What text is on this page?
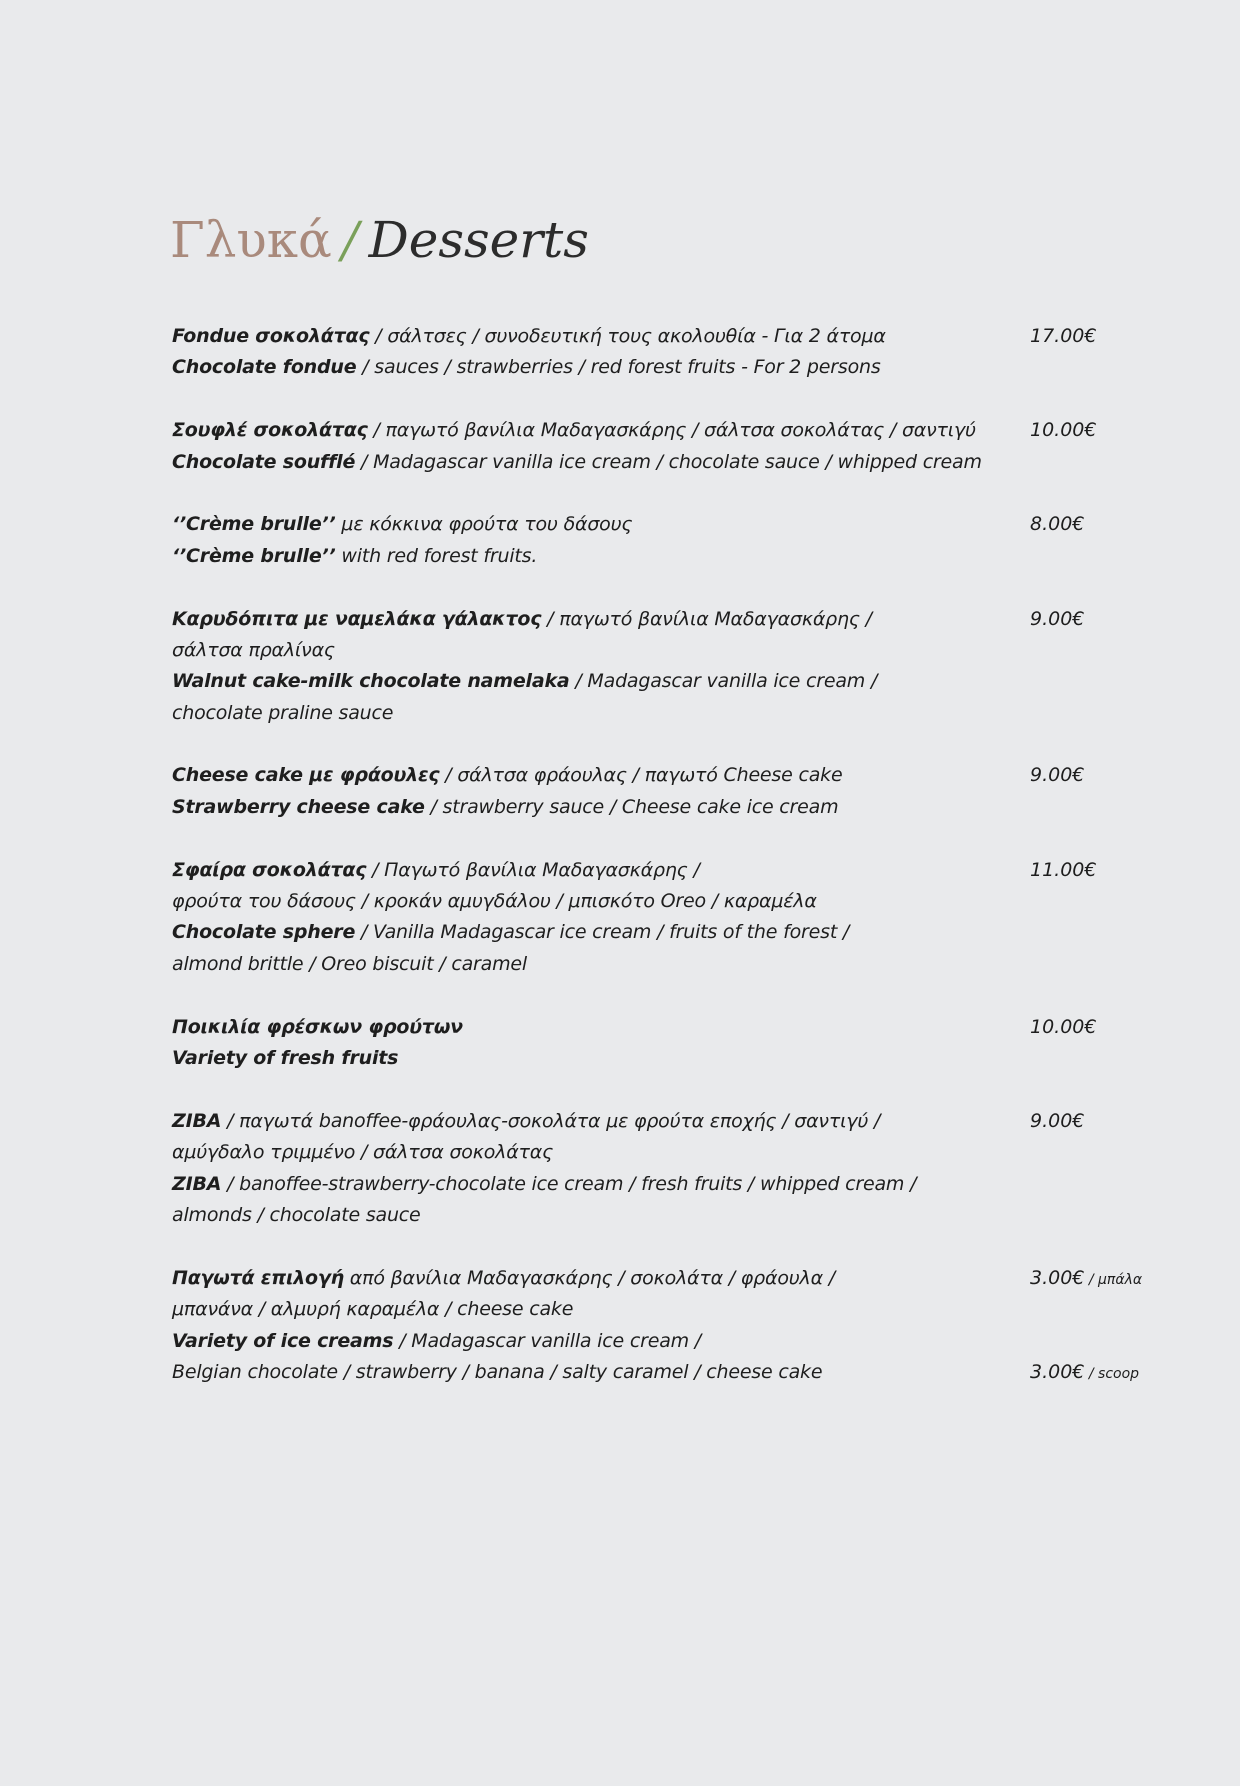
Γλυκά / Desserts
Fondue σοκολάτας / σάλτσες / συνοδευτική τους ακολουθία - Για 2 άτομα
Chocolate fondue / sauces / strawberries / red forest fruits - For 2 persons
17.00€
Σουφλέ σοκολάτας / παγωτό βανίλια Μαδαγασκάρης / σάλτσα σοκολάτας / σαντιγύ
Chocolate soufflé / Madagascar vanilla ice cream / chocolate sauce / whipped cream
10.00€
‘’Crème brulle’’ με κόκκινα φρούτα του δάσους
‘’Crème brulle’’ with red forest fruits.
8.00€
Καρυδόπιτα με ναμελάκα γάλακτος / παγωτό βανίλια Μαδαγασκάρης /
σάλτσα πραλίνας
Walnut cake-milk chocolate namelaka / Madagascar vanilla ice cream /
chocolate praline sauce
9.00€
Cheese cake με φράουλες / σάλτσα φράουλας / παγωτό Cheese cake
Strawberry cheese cake / strawberry sauce / Cheese cake ice cream
9.00€
Σφαίρα σοκολάτας / Παγωτό βανίλια Μαδαγασκάρης /
φρούτα του δάσους / κροκάν αμυγδάλου / μπισκότο Oreo / καραμέλα
Chocolate sphere / Vanilla Madagascar ice cream / fruits of the forest /
almond brittle / Oreo biscuit / caramel
11.00€
Ποικιλία φρέσκων φρούτων
Variety of fresh fruits
10.00€
ZIBA / παγωτά banoffee-φράουλας-σοκολάτα με φρούτα εποχής / σαντιγύ /
αμύγδαλο τριμμένο / σάλτσα σοκολάτας
ZIBA / banoffee-strawberry-chocolate ice cream / fresh fruits / whipped cream /
almonds / chocolate sauce
9.00€
Παγωτά επιλογή από βανίλια Μαδαγασκάρης / σοκολάτα / φράουλα /
μπανάνα / αλμυρή καραμέλα / cheese cake
Variety of ice creams / Madagascar vanilla ice cream /
Belgian chocolate / strawberry / banana / salty caramel / cheese cake
3.00€ / μπάλα
3.00€ / scoop
